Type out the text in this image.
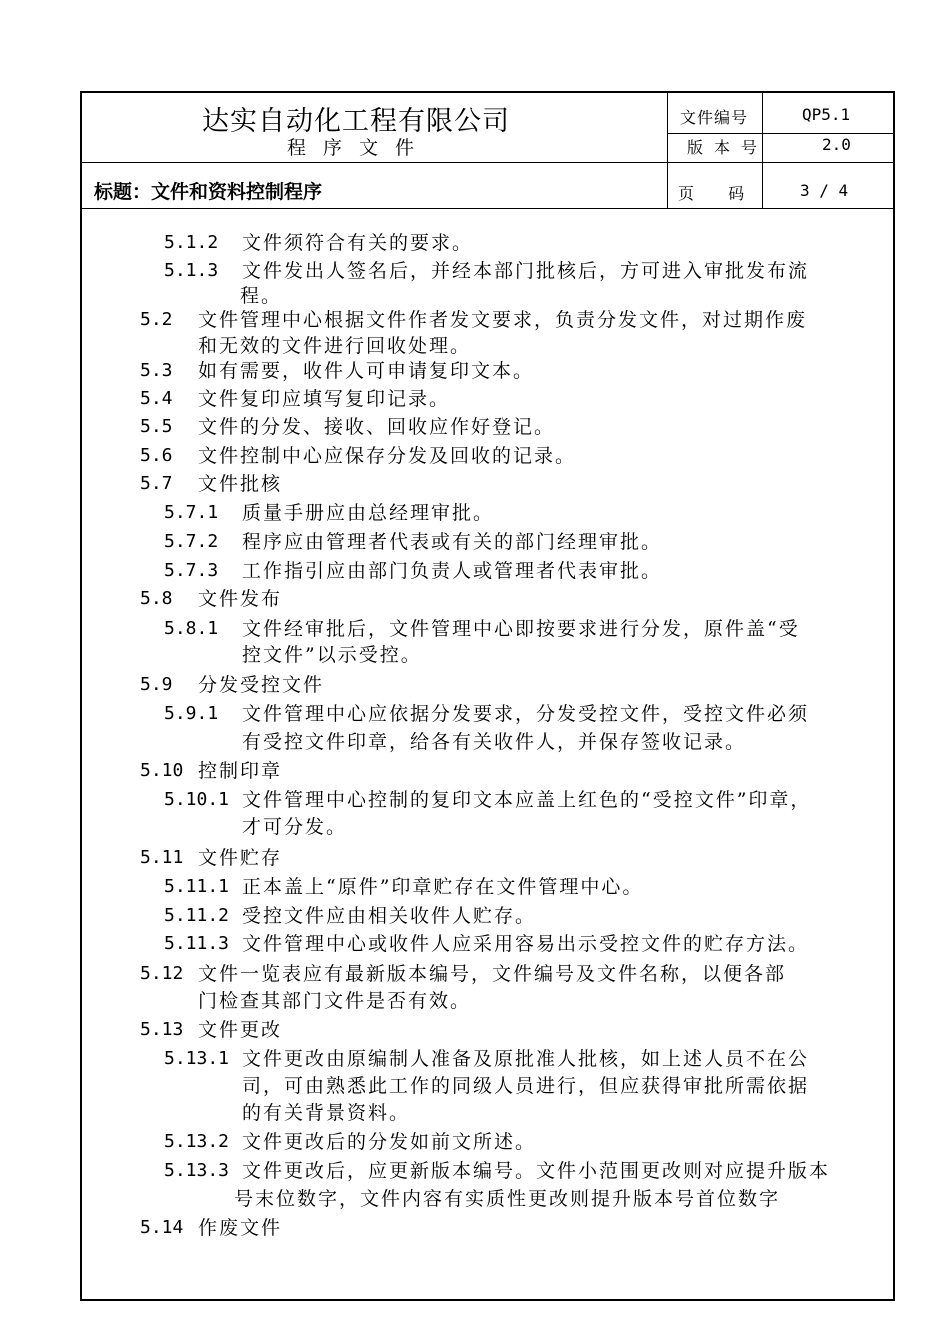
达实自动化工程有限公司
程序文件
标题：文件和资料控制程序
文件编号	QP5.1
版本号	2.0
页  码	3 / 4
5.1.2 文件须符合有关的要求。
5.1.3 文件发出人签名后，并经本部门批核后，方可进入审批发布流
程。
5.2 文件管理中心根据文件作者发文要求，负责分发文件，对过期作废
和无效的文件进行回收处理。
5.3 如有需要，收件人可申请复印文本。
5.4 文件复印应填写复印记录。
5.5 文件的分发、接收、回收应作好登记。
5.6 文件控制中心应保存分发及回收的记录。
5.7 文件批核
5.7.1 质量手册应由总经理审批。
5.7.2 程序应由管理者代表或有关的部门经理审批。
5.7.3 工作指引应由部门负责人或管理者代表审批。
5.8 文件发布
5.8.1 文件经审批后，文件管理中心即按要求进行分发，原件盖“受
控文件”以示受控。
5.9 分发受控文件
5.9.1 文件管理中心应依据分发要求，分发受控文件，受控文件必须
有受控文件印章，给各有关收件人，并保存签收记录。
5.10 控制印章
5.10.1 文件管理中心控制的复印文本应盖上红色的“受控文件”印章，
才可分发。
5.11 文件贮存
5.11.1 正本盖上“原件”印章贮存在文件管理中心。
5.11.2 受控文件应由相关收件人贮存。
5.11.3 文件管理中心或收件人应采用容易出示受控文件的贮存方法。
5.12 文件一览表应有最新版本编号，文件编号及文件名称，以便各部
门检查其部门文件是否有效。
5.13 文件更改
5.13.1 文件更改由原编制人准备及原批准人批核，如上述人员不在公
司，可由熟悉此工作的同级人员进行，但应获得审批所需依据
的有关背景资料。
5.13.2 文件更改后的分发如前文所述。
5.13.3 文件更改后，应更新版本编号。文件小范围更改则对应提升版本
号末位数字，文件内容有实质性更改则提升版本号首位数字
5.14 作废文件
